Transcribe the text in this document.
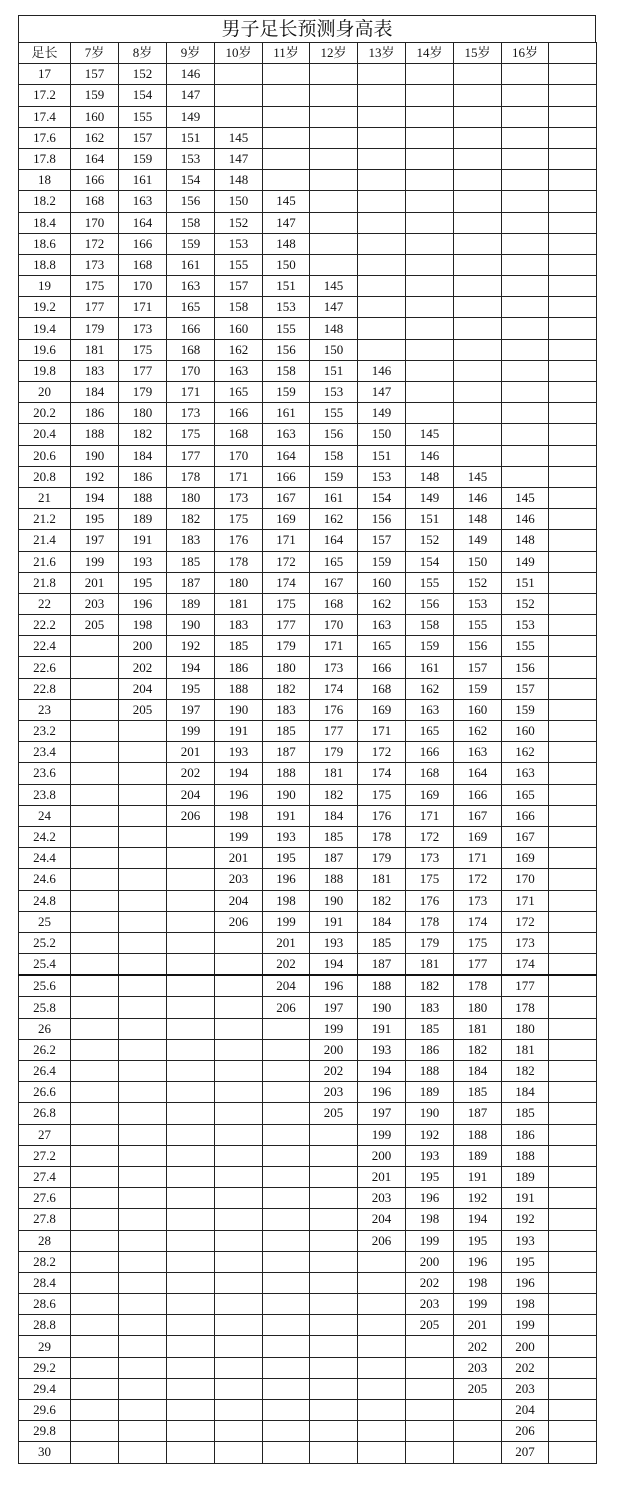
男子足长预测身高表
足长	7岁	8岁	9岁	10岁	11岁	12岁	13岁	14岁	15岁	16岁	
17	157	152	146								
17.2	159	154	147								
17.4	160	155	149								
17.6	162	157	151	145							
17.8	164	159	153	147							
18	166	161	154	148							
18.2	168	163	156	150	145						
18.4	170	164	158	152	147						
18.6	172	166	159	153	148						
18.8	173	168	161	155	150						
19	175	170	163	157	151	145					
19.2	177	171	165	158	153	147					
19.4	179	173	166	160	155	148					
19.6	181	175	168	162	156	150					
19.8	183	177	170	163	158	151	146				
20	184	179	171	165	159	153	147				
20.2	186	180	173	166	161	155	149				
20.4	188	182	175	168	163	156	150	145			
20.6	190	184	177	170	164	158	151	146			
20.8	192	186	178	171	166	159	153	148	145		
21	194	188	180	173	167	161	154	149	146	145	
21.2	195	189	182	175	169	162	156	151	148	146	
21.4	197	191	183	176	171	164	157	152	149	148	
21.6	199	193	185	178	172	165	159	154	150	149	
21.8	201	195	187	180	174	167	160	155	152	151	
22	203	196	189	181	175	168	162	156	153	152	
22.2	205	198	190	183	177	170	163	158	155	153	
22.4		200	192	185	179	171	165	159	156	155	
22.6		202	194	186	180	173	166	161	157	156	
22.8		204	195	188	182	174	168	162	159	157	
23		205	197	190	183	176	169	163	160	159	
23.2			199	191	185	177	171	165	162	160	
23.4			201	193	187	179	172	166	163	162	
23.6			202	194	188	181	174	168	164	163	
23.8			204	196	190	182	175	169	166	165	
24			206	198	191	184	176	171	167	166	
24.2				199	193	185	178	172	169	167	
24.4				201	195	187	179	173	171	169	
24.6				203	196	188	181	175	172	170	
24.8				204	198	190	182	176	173	171	
25				206	199	191	184	178	174	172	
25.2					201	193	185	179	175	173	
25.4					202	194	187	181	177	174	
25.6					204	196	188	182	178	177	
25.8					206	197	190	183	180	178	
26						199	191	185	181	180	
26.2						200	193	186	182	181	
26.4						202	194	188	184	182	
26.6						203	196	189	185	184	
26.8						205	197	190	187	185	
27							199	192	188	186	
27.2							200	193	189	188	
27.4							201	195	191	189	
27.6							203	196	192	191	
27.8							204	198	194	192	
28							206	199	195	193	
28.2								200	196	195	
28.4								202	198	196	
28.6								203	199	198	
28.8								205	201	199	
29									202	200	
29.2									203	202	
29.4									205	203	
29.6										204	
29.8										206	
30										207	
